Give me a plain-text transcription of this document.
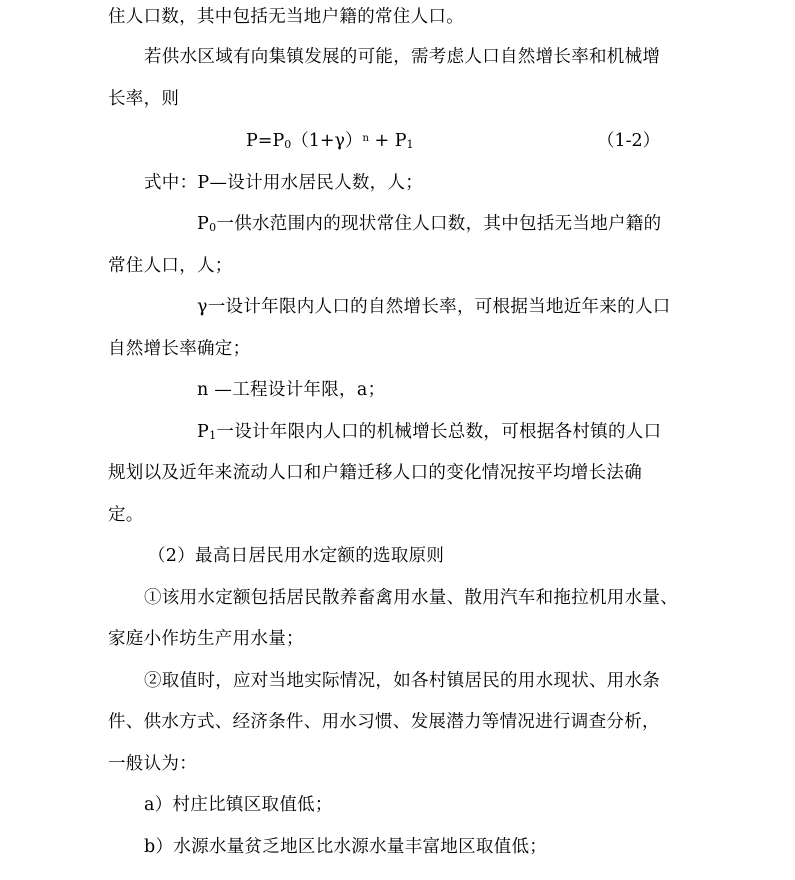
住人口数，其中包括无当地户籍的常住人口。
若供水区域有向集镇发展的可能，需考虑人口自然增长率和机械增
长率，则
式中：P—设计用水居民人数，人；
$P_0$一供水范围内的现状常住人口数，其中包括无当地户籍的
常住人口，人；
γ一设计年限内人口的自然增长率，可根据当地近年来的人口
自然增长率确定；
n —工程设计年限，a；
$P_1$一设计年限内人口的机械增长总数，可根据各村镇的人口
规划以及近年来流动人口和户籍迁移人口的变化情况按平均增长法确
定。
（2）最高日居民用水定额的选取原则
①该用水定额包括居民散养畜禽用水量、散用汽车和拖拉机用水量、
家庭小作坊生产用水量；
②取值时，应对当地实际情况，如各村镇居民的用水现状、用水条
件、供水方式、经济条件、用水习惯、发展潜力等情况进行调查分析，
一般认为：
a）村庄比镇区取值低；
b）水源水量贫乏地区比水源水量丰富地区取值低；
$P=P_0(1+\gamma)^n + P_1$	（1-2）
